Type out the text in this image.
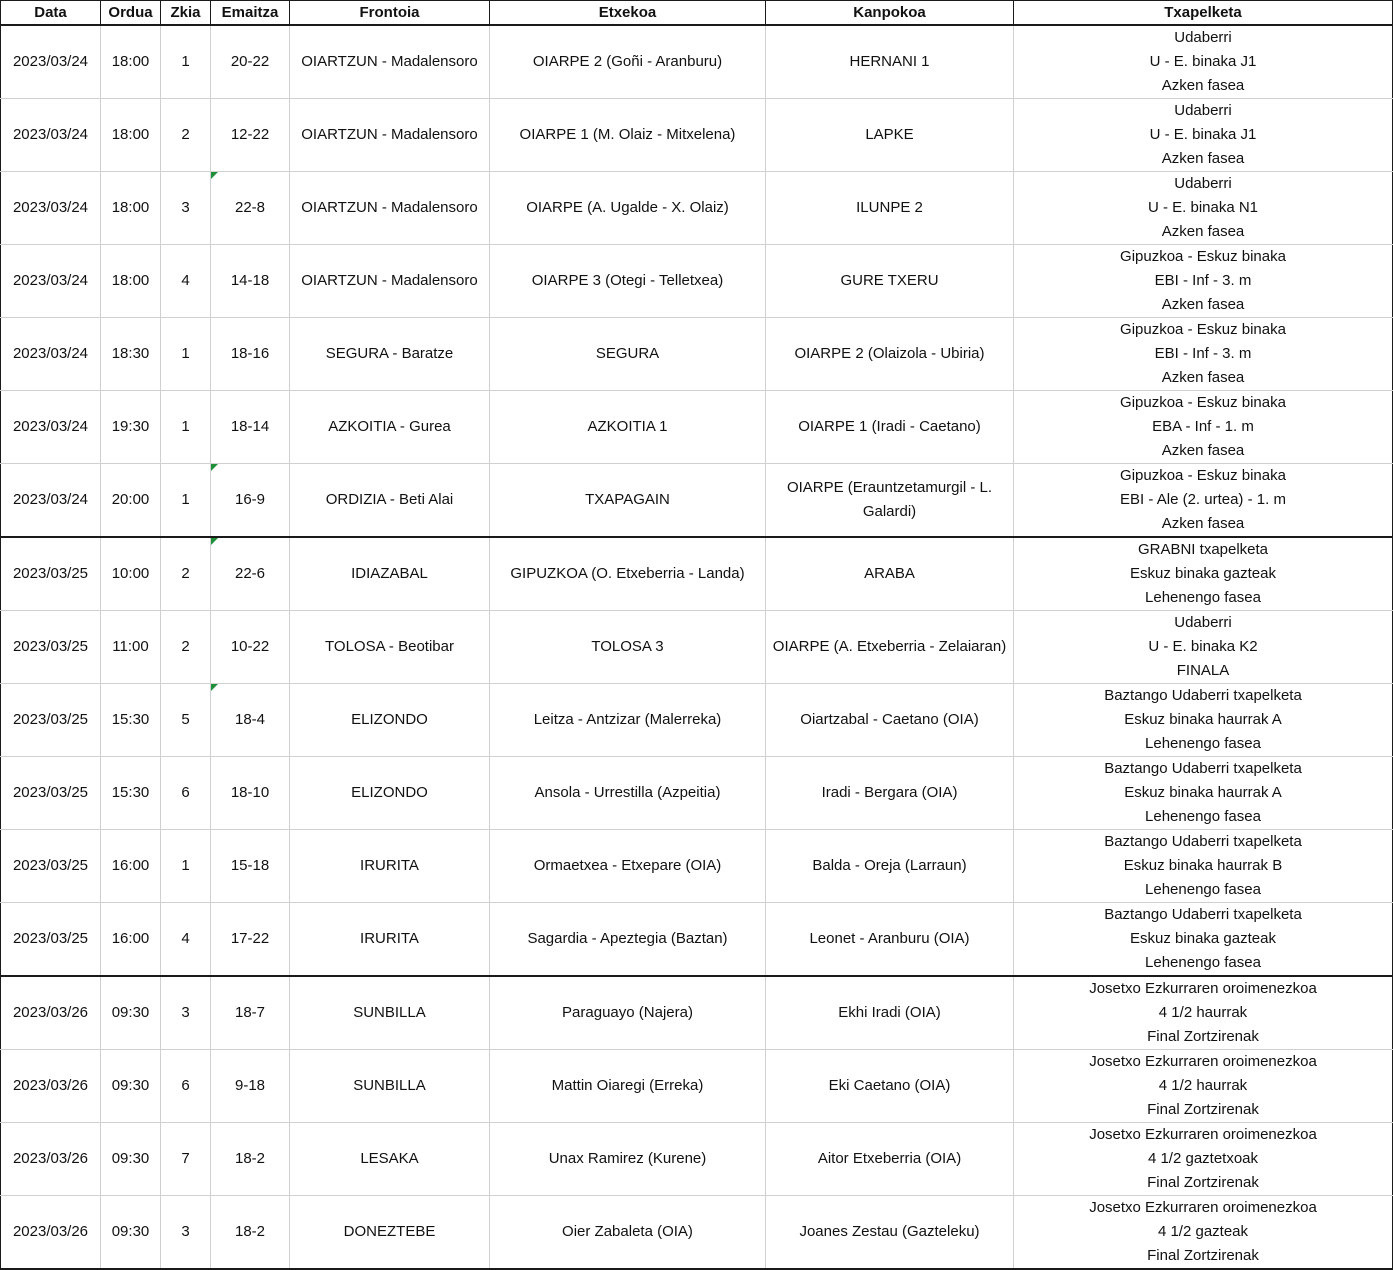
Data	Ordua	Zkia	Emaitza	Frontoia	Etxekoa	Kanpokoa	Txapelketa
2023/03/24	18:00	1	20-22	OIARTZUN - Madalensoro	OIARPE 2 (Goñi - Aranburu)	HERNANI 1	Udaberri
U - E. binaka J1
Azken fasea

2023/03/24	18:00	2	12-22	OIARTZUN - Madalensoro	OIARPE 1 (M. Olaiz - Mitxelena)	LAPKE	Udaberri
U - E. binaka J1
Azken fasea

2023/03/24	18:00	3	22-8	OIARTZUN - Madalensoro	OIARPE (A. Ugalde - X. Olaiz)	ILUNPE 2	Udaberri
U - E. binaka N1
Azken fasea

2023/03/24	18:00	4	14-18	OIARTZUN - Madalensoro	OIARPE 3 (Otegi - Telletxea)	GURE TXERU	Gipuzkoa - Eskuz binaka
EBI - Inf - 3. m
Azken fasea

2023/03/24	18:30	1	18-16	SEGURA - Baratze	SEGURA	OIARPE 2 (Olaizola - Ubiria)	Gipuzkoa - Eskuz binaka
EBI - Inf - 3. m
Azken fasea

2023/03/24	19:30	1	18-14	AZKOITIA - Gurea	AZKOITIA 1	OIARPE 1 (Iradi - Caetano)	Gipuzkoa - Eskuz binaka
EBA - Inf - 1. m
Azken fasea

2023/03/24	20:00	1	16-9	ORDIZIA - Beti Alai	TXAPAGAIN	OIARPE (Erauntzetamurgil - L. Galardi)	Gipuzkoa - Eskuz binaka
EBI - Ale (2. urtea) - 1. m
Azken fasea

2023/03/25	10:00	2	22-6	IDIAZABAL	GIPUZKOA (O. Etxeberria - Landa)	ARABA	GRABNI txapelketa
Eskuz binaka gazteak
Lehenengo fasea

2023/03/25	11:00	2	10-22	TOLOSA - Beotibar	TOLOSA 3	OIARPE (A. Etxeberria - Zelaiaran)	Udaberri
U - E. binaka K2
FINALA

2023/03/25	15:30	5	18-4	ELIZONDO	Leitza - Antzizar (Malerreka)	Oiartzabal - Caetano (OIA)	Baztango Udaberri txapelketa
Eskuz binaka haurrak A
Lehenengo fasea

2023/03/25	15:30	6	18-10	ELIZONDO	Ansola - Urrestilla (Azpeitia)	Iradi - Bergara (OIA)	Baztango Udaberri txapelketa
Eskuz binaka haurrak A
Lehenengo fasea

2023/03/25	16:00	1	15-18	IRURITA	Ormaetxea - Etxepare (OIA)	Balda - Oreja (Larraun)	Baztango Udaberri txapelketa
Eskuz binaka haurrak B
Lehenengo fasea

2023/03/25	16:00	4	17-22	IRURITA	Sagardia - Apeztegia (Baztan)	Leonet - Aranburu (OIA)	Baztango Udaberri txapelketa
Eskuz binaka gazteak
Lehenengo fasea

2023/03/26	09:30	3	18-7	SUNBILLA	Paraguayo (Najera)	Ekhi Iradi (OIA)	Josetxo Ezkurraren oroimenezkoa
4 1/2 haurrak
Final Zortzirenak

2023/03/26	09:30	6	9-18	SUNBILLA	Mattin Oiaregi (Erreka)	Eki Caetano (OIA)	Josetxo Ezkurraren oroimenezkoa
4 1/2 haurrak
Final Zortzirenak

2023/03/26	09:30	7	18-2	LESAKA	Unax Ramirez (Kurene)	Aitor Etxeberria (OIA)	Josetxo Ezkurraren oroimenezkoa
4 1/2 gaztetxoak
Final Zortzirenak

2023/03/26	09:30	3	18-2	DONEZTEBE	Oier Zabaleta (OIA)	Joanes Zestau (Gazteleku)	Josetxo Ezkurraren oroimenezkoa
4 1/2 gazteak
Final Zortzirenak
